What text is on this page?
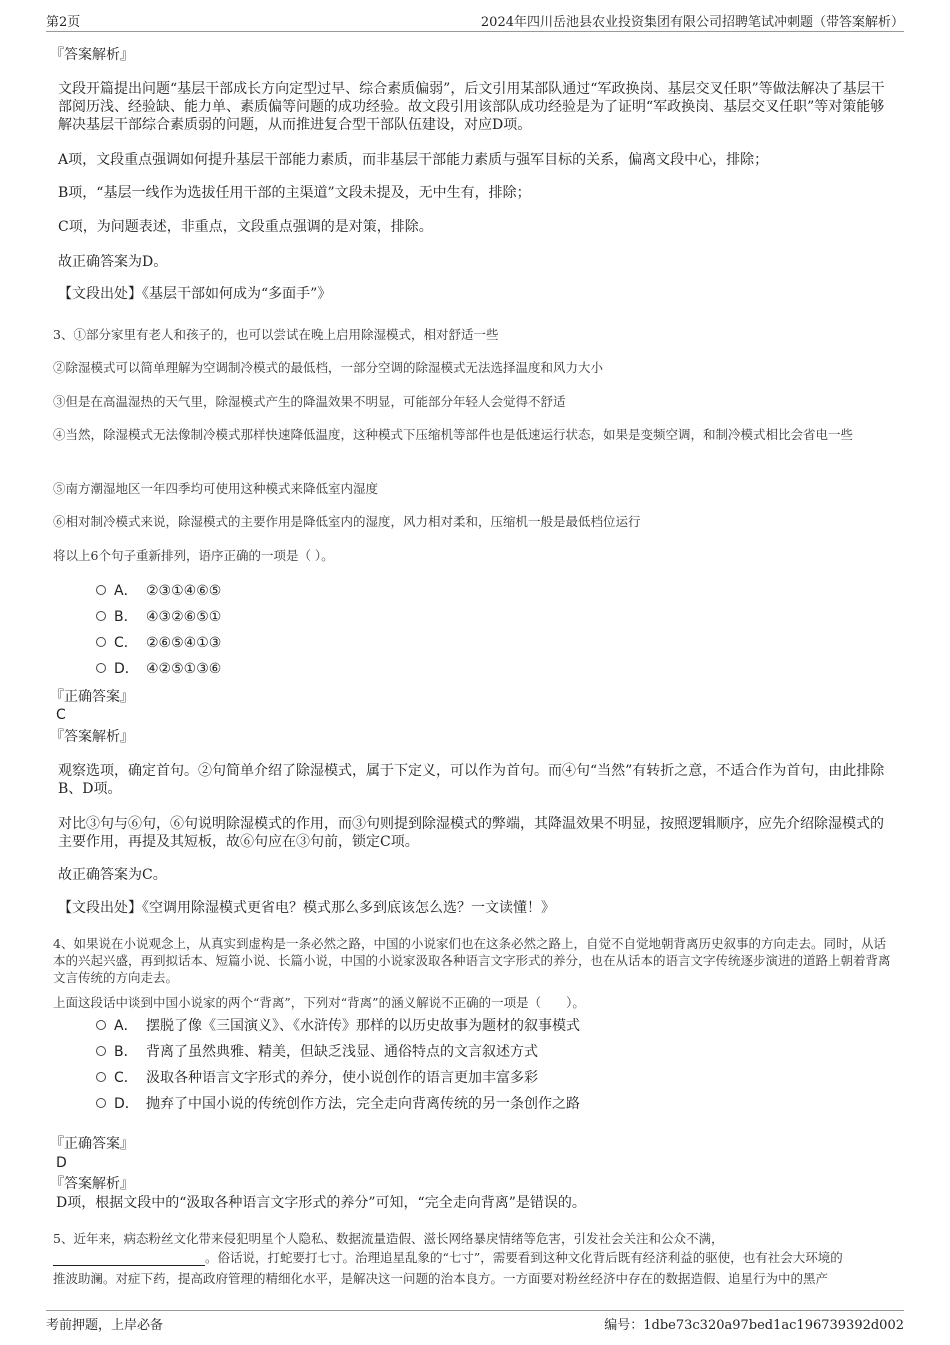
第2页	2024年四川岳池县农业投资集团有限公司招聘笔试冲刺题（带答案解析）
『答案解析』
文段开篇提出问题“基层干部成长方向定型过早、综合素质偏弱”，后文引用某部队通过“军政换岗、基层交叉任职”等做法解决了基层干部阅历浅、经验缺、能力单、素质偏等问题的成功经验。故文段引用该部队成功经验是为了证明“军政换岗、基层交叉任职”等对策能够解决基层干部综合素质弱的问题，从而推进复合型干部队伍建设，对应D项。
A项，文段重点强调如何提升基层干部能力素质，而非基层干部能力素质与强军目标的关系，偏离文段中心，排除；
B项，“基层一线作为选拔任用干部的主渠道”文段未提及，无中生有，排除；
C项，为问题表述，非重点，文段重点强调的是对策，排除。
故正确答案为D。
【文段出处】《基层干部如何成为“多面手”》
3、①部分家里有老人和孩子的，也可以尝试在晚上启用除湿模式，相对舒适一些
②除湿模式可以简单理解为空调制冷模式的最低档，一部分空调的除湿模式无法选择温度和风力大小
③但是在高温湿热的天气里，除湿模式产生的降温效果不明显，可能部分年轻人会觉得不舒适
④当然，除湿模式无法像制冷模式那样快速降低温度，这种模式下压缩机等部件也是低速运行状态，如果是变频空调，和制冷模式相比会省电一些
⑤南方潮湿地区一年四季均可使用这种模式来降低室内湿度
⑥相对制冷模式来说，除湿模式的主要作用是降低室内的湿度，风力相对柔和，压缩机一般是最低档位运行
将以上6个句子重新排列，语序正确的一项是（ ）。
A． ②③①④⑥⑤
B． ④③②⑥⑤①
C． ②⑥⑤④①③
D． ④②⑤①③⑥
『正确答案』
C
『答案解析』
观察选项，确定首句。②句简单介绍了除湿模式，属于下定义，可以作为首句。而④句“当然”有转折之意，不适合作为首句，由此排除B、D项。
对比③句与⑥句，⑥句说明除湿模式的作用，而③句则提到除湿模式的弊端，其降温效果不明显，按照逻辑顺序，应先介绍除湿模式的主要作用，再提及其短板，故⑥句应在③句前，锁定C项。
故正确答案为C。
【文段出处】《空调用除湿模式更省电？模式那么多到底该怎么选？一文读懂！》
4、如果说在小说观念上，从真实到虚构是一条必然之路，中国的小说家们也在这条必然之路上，自觉不自觉地朝背离历史叙事的方向走去。同时，从话本的兴起兴盛，再到拟话本、短篇小说、长篇小说，中国的小说家汲取各种语言文字形式的养分，也在从话本的语言文字传统逐步演进的道路上朝着背离文言传统的方向走去。
上面这段话中谈到中国小说家的两个“背离”，下列对“背离”的涵义解说不正确的一项是（　　）。
A． 摆脱了像《三国演义》、《水浒传》那样的以历史故事为题材的叙事模式
B． 背离了虽然典雅、精美，但缺乏浅显、通俗特点的文言叙述方式
C． 汲取各种语言文字形式的养分，使小说创作的语言更加丰富多彩
D． 抛弃了中国小说的传统创作方法，完全走向背离传统的另一条创作之路
『正确答案』
D
『答案解析』
D项，根据文段中的“汲取各种语言文字形式的养分”可知，“完全走向背离”是错误的。
5、近年来，病态粉丝文化带来侵犯明星个人隐私、数据流量造假、滋长网络暴戾情绪等危害，引发社会关注和公众不满，
。俗话说，打蛇要打七寸。治理追星乱象的“七寸”，需要看到这种文化背后既有经济利益的驱使，也有社会大环境的
推波助澜。对症下药，提高政府管理的精细化水平，是解决这一问题的治本良方。一方面要对粉丝经济中存在的数据造假、追星行为中的黑产
考前押题，上岸必备	编号：1dbe73c320a97bed1ac196739392d002
